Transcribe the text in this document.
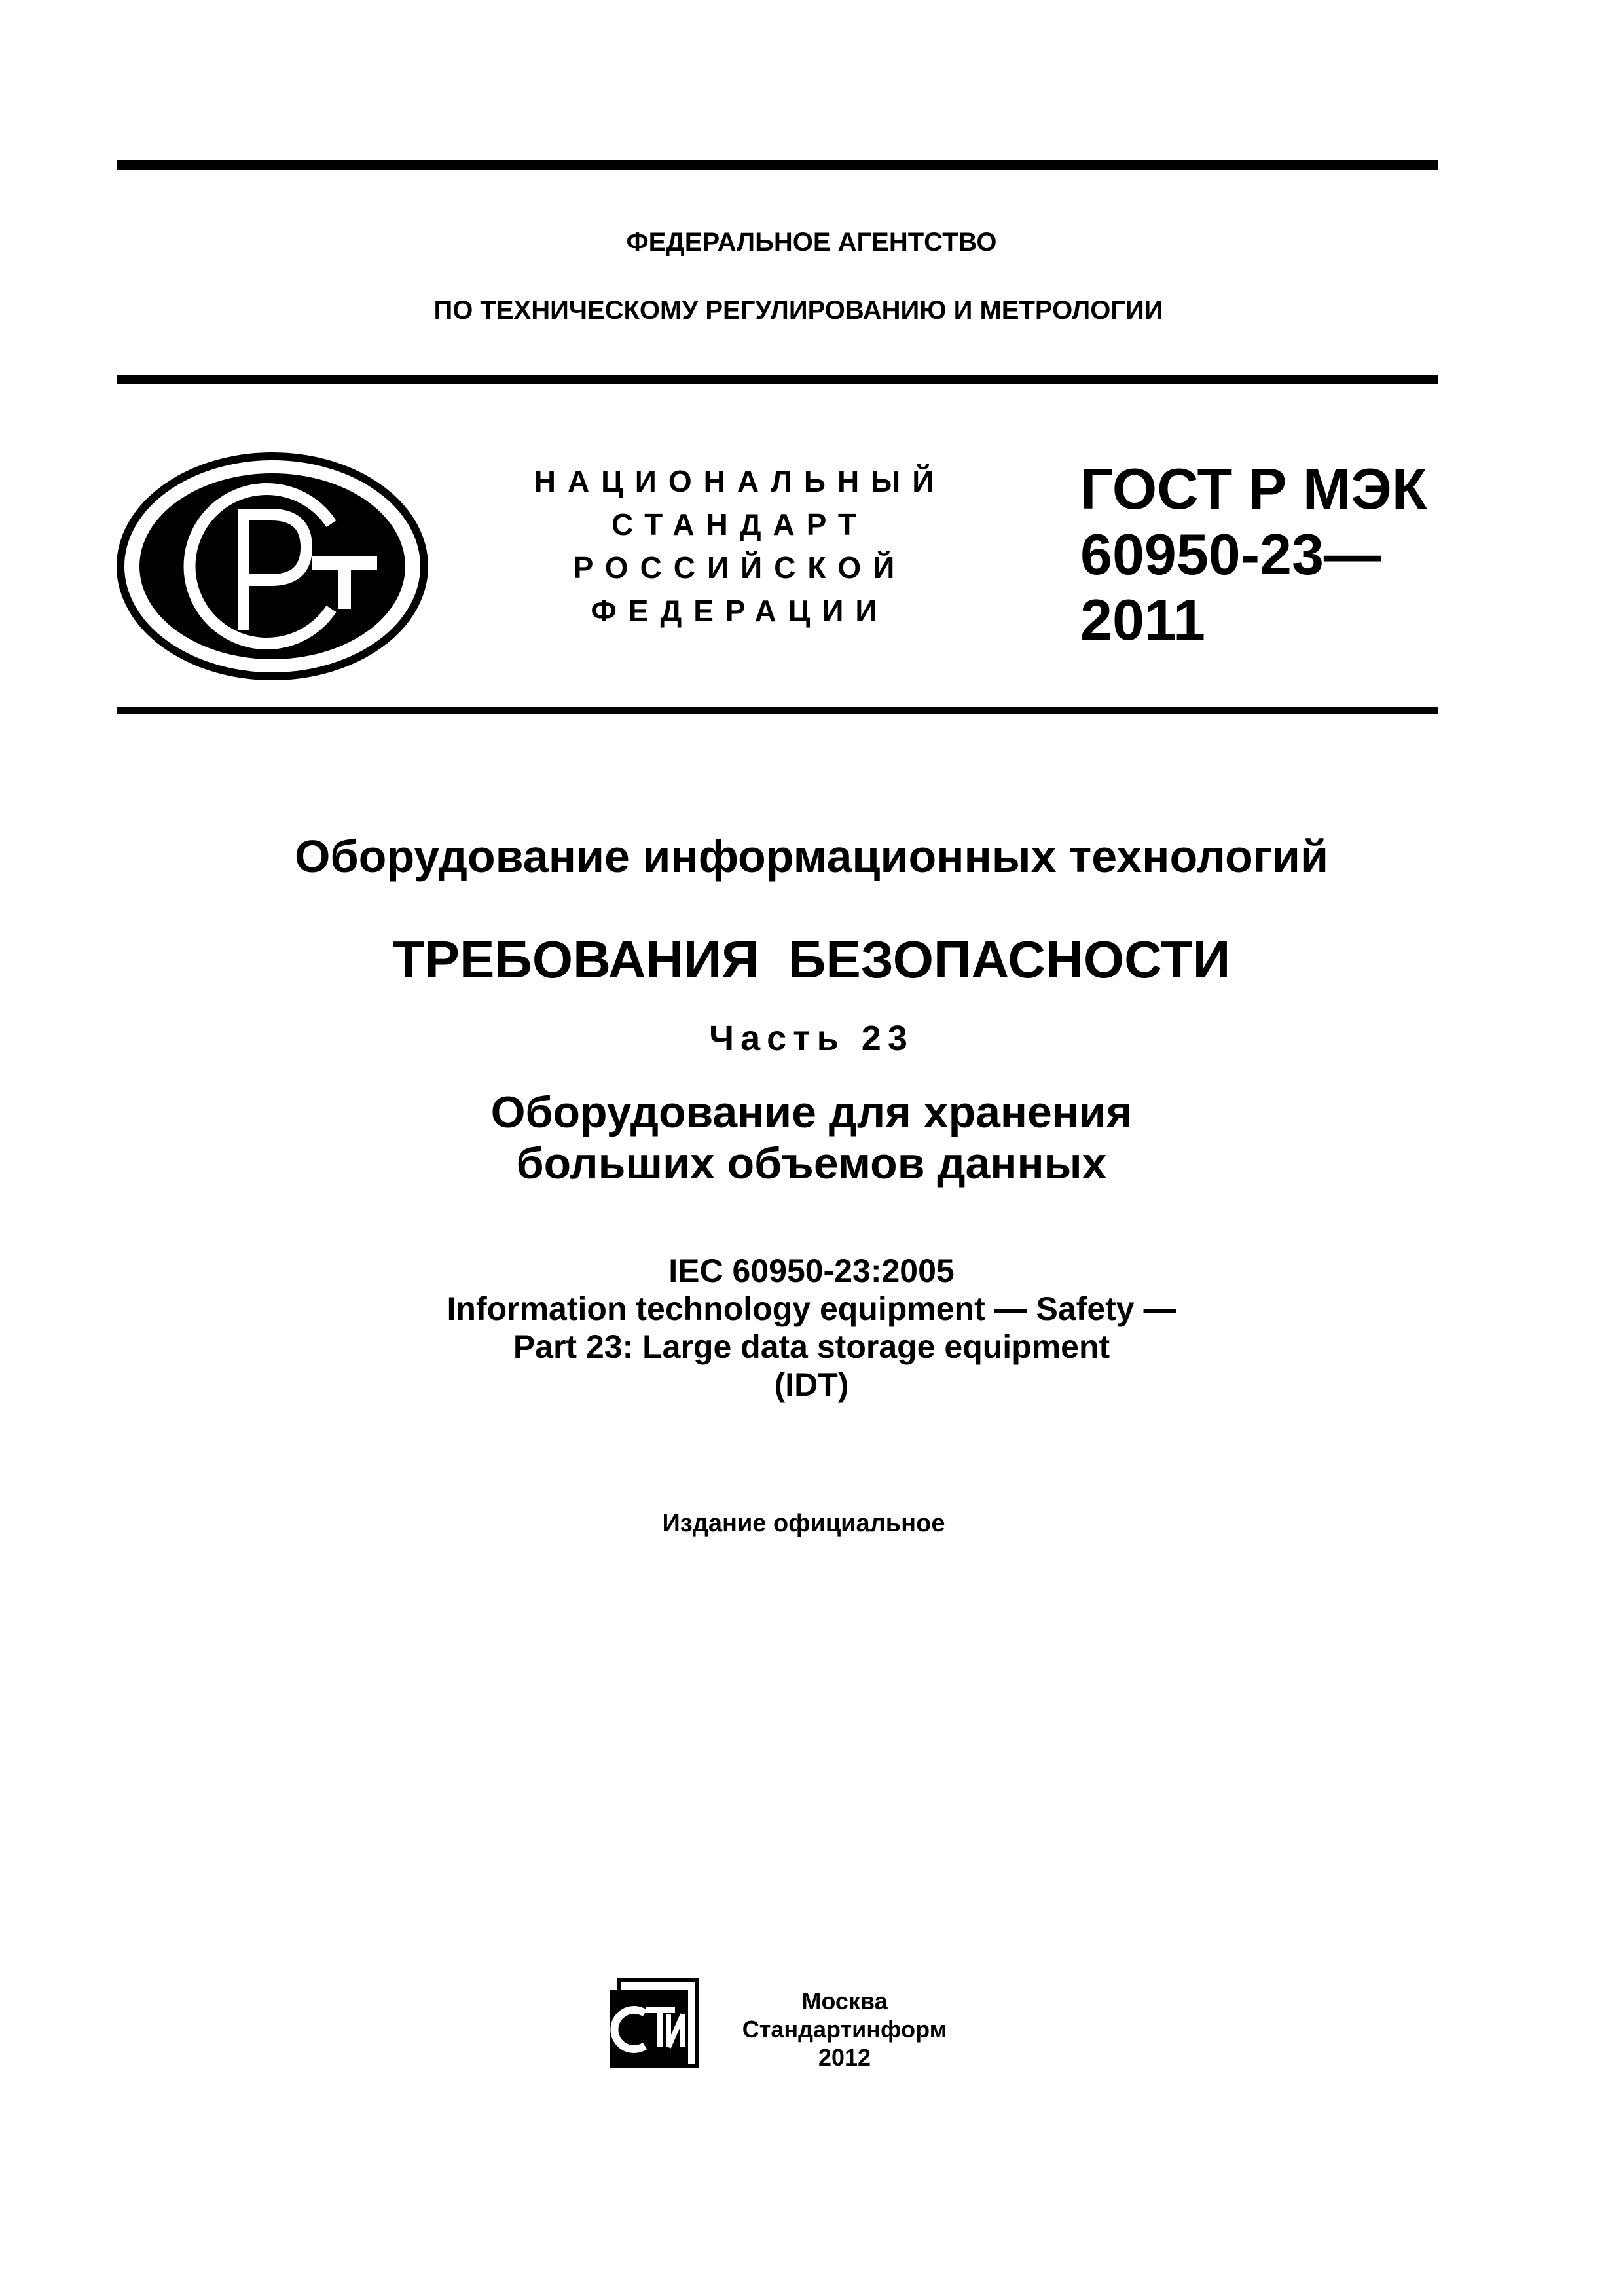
ФЕДЕРАЛЬНОЕ АГЕНТСТВО
ПО ТЕХНИЧЕСКОМУ РЕГУЛИРОВАНИЮ И МЕТРОЛОГИИ
НАЦИОНАЛЬНЫЙ
СТАНДАРТ
РОССИЙСКОЙ
ФЕДЕРАЦИИ
ГОСТ Р МЭК
60950-23—
2011
Оборудование информационных технологий
ТРЕБОВАНИЯ  БЕЗОПАСНОСТИ
Часть 23
Оборудование для хранения
больших объемов данных
IEC 60950-23:2005
Information technology equipment — Safety —
Part 23: Large data storage equipment
(IDT)
Издание официальное
Москва
Стандартинформ
2012
